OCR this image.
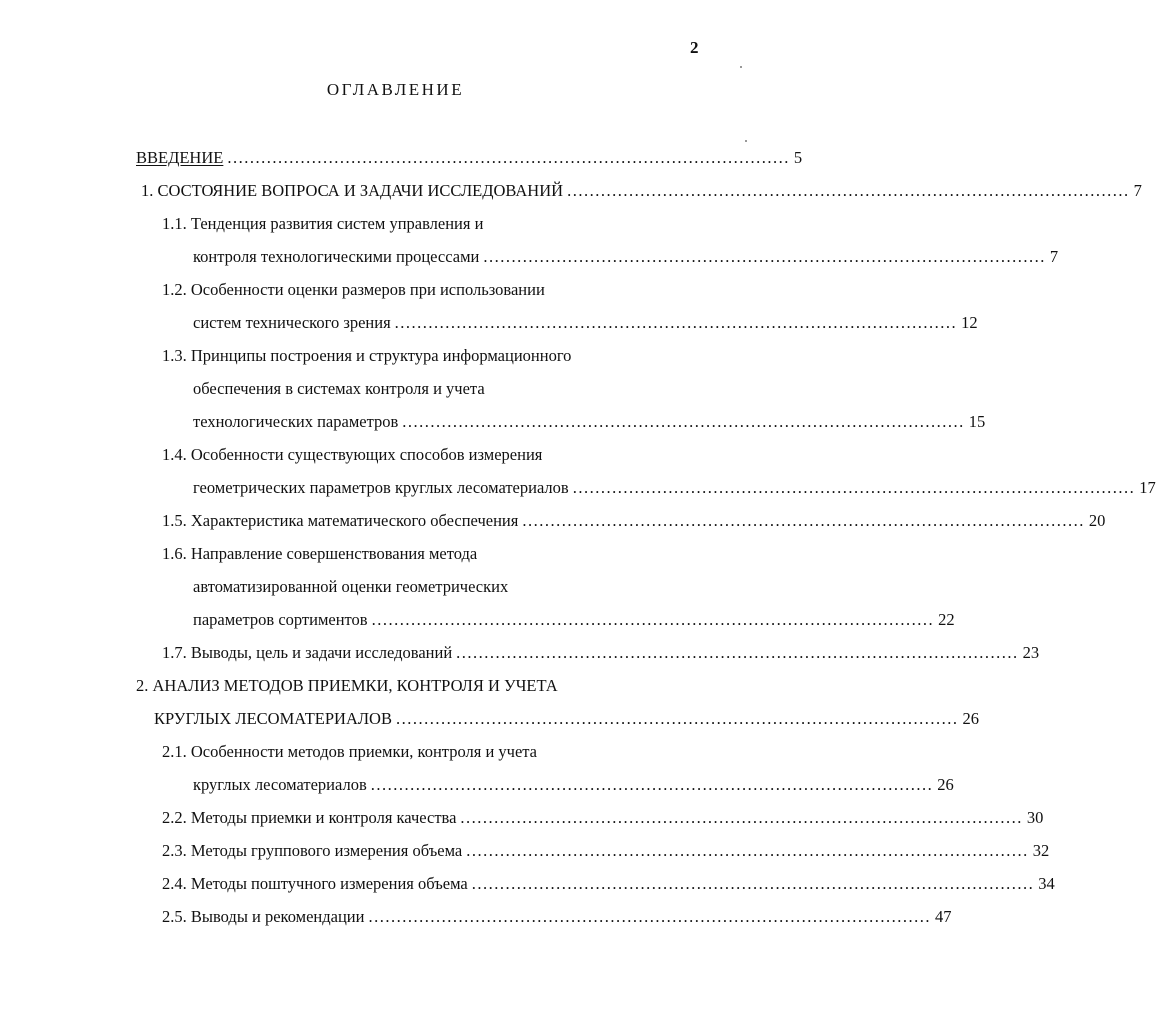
2
ОГЛАВЛЕНИЕ
ВВЕДЕНИЕ .................................................................................................... 5
1. СОСТОЯНИЕ ВОПРОСА И ЗАДАЧИ ИССЛЕДОВАНИЙ .................................................................................................... 7
1.1. Тенденция развития систем управления и
контроля технологическими процессами .................................................................................................... 7
1.2. Особенности оценки размеров при использовании
систем технического зрения .................................................................................................... 12
1.3. Принципы построения и структура информационного
обеспечения в системах контроля и учета
технологических параметров .................................................................................................... 15
1.4. Особенности существующих способов измерения
геометрических параметров круглых лесоматериалов .................................................................................................... 17
1.5. Характеристика математического обеспечения .................................................................................................... 20
1.6. Направление совершенствования метода
автоматизированной оценки геометрических
параметров сортиментов .................................................................................................... 22
1.7. Выводы, цель и задачи исследований .................................................................................................... 23
2. АНАЛИЗ МЕТОДОВ ПРИЕМКИ, КОНТРОЛЯ И УЧЕТА
КРУГЛЫХ ЛЕСОМАТЕРИАЛОВ .................................................................................................... 26
2.1. Особенности методов приемки, контроля и учета
круглых лесоматериалов .................................................................................................... 26
2.2. Методы приемки и контроля качества .................................................................................................... 30
2.3. Методы группового измерения объема .................................................................................................... 32
2.4. Методы поштучного измерения объема .................................................................................................... 34
2.5. Выводы и рекомендации .................................................................................................... 47
